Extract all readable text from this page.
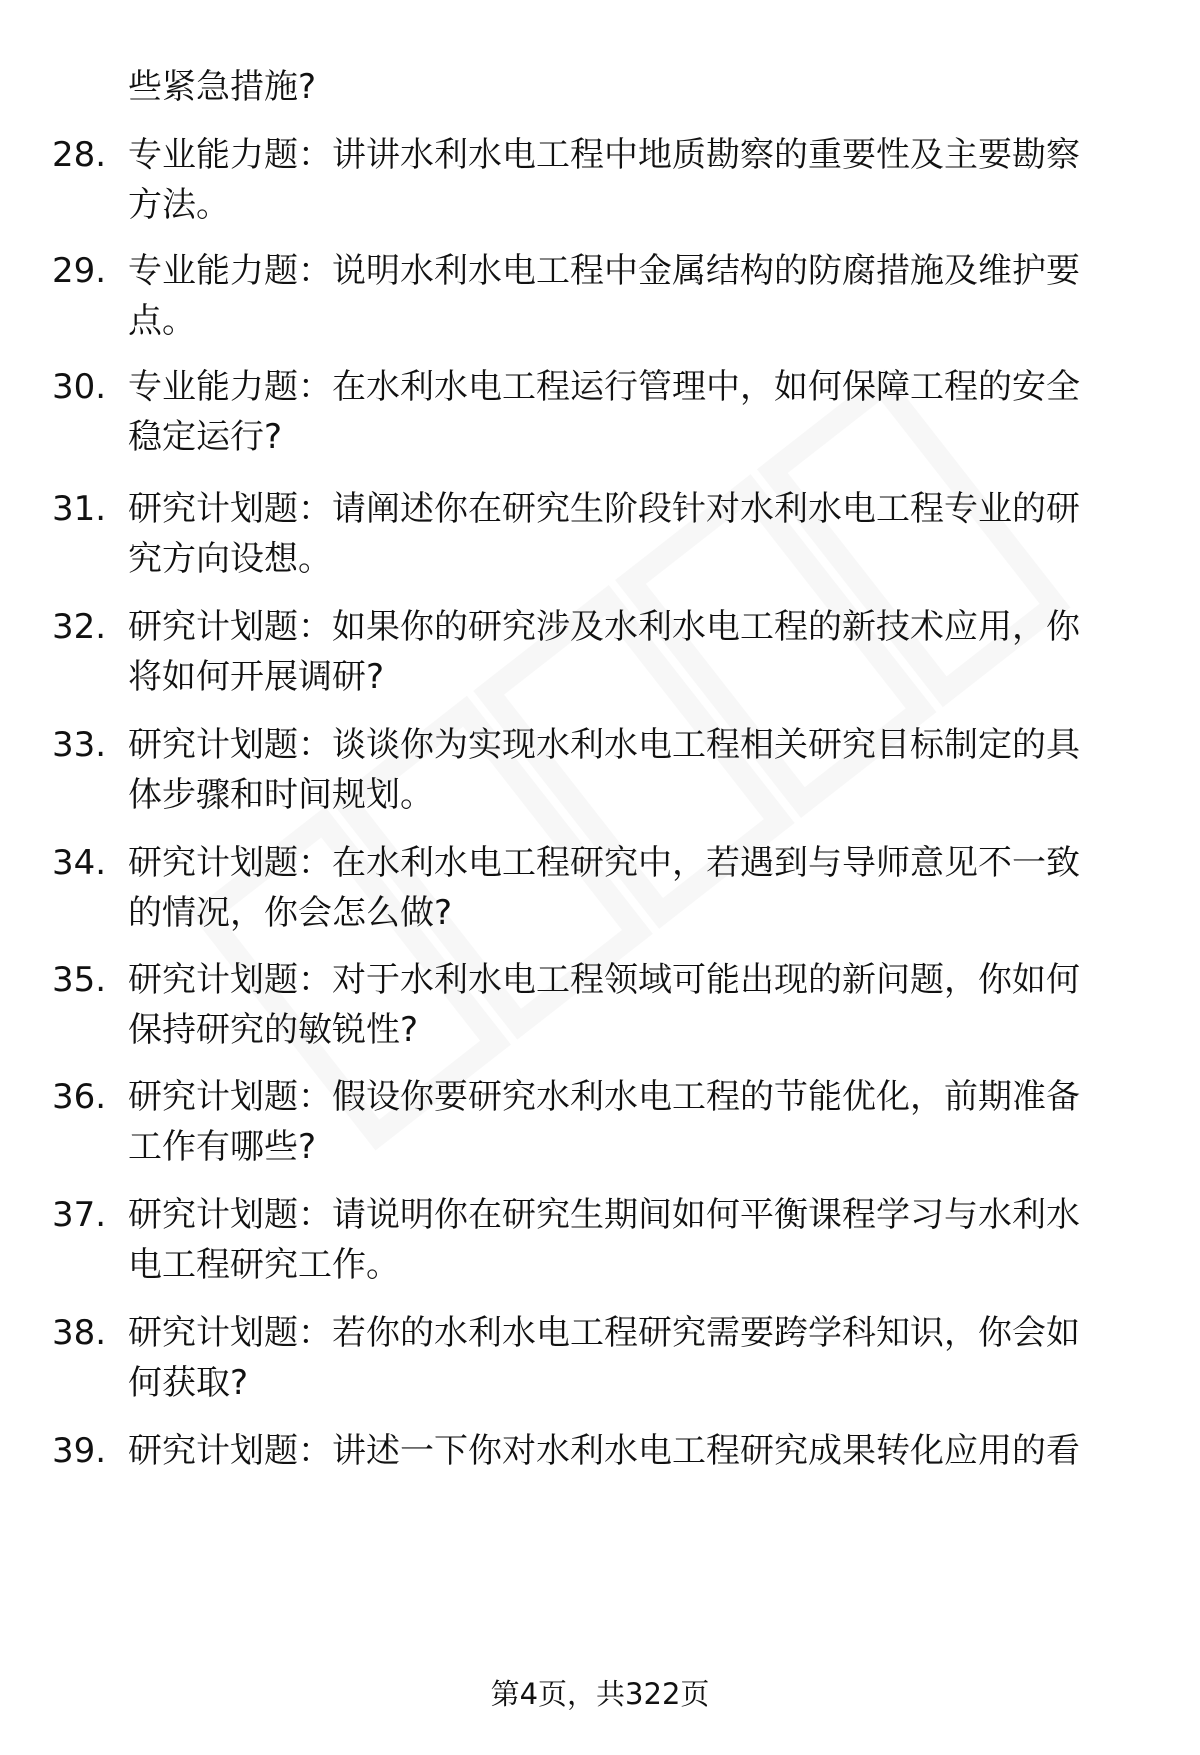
些紧急措施?
28. 专业能力题：讲讲水利水电工程中地质勘察的重要性及主要勘察
方法。
29. 专业能力题：说明水利水电工程中金属结构的防腐措施及维护要
点。
30. 专业能力题：在水利水电工程运行管理中，如何保障工程的安全
稳定运行?
31. 研究计划题：请阐述你在研究生阶段针对水利水电工程专业的研
究方向设想。
32. 研究计划题：如果你的研究涉及水利水电工程的新技术应用，你
将如何开展调研?
33. 研究计划题：谈谈你为实现水利水电工程相关研究目标制定的具
体步骤和时间规划。
34. 研究计划题：在水利水电工程研究中，若遇到与导师意见不一致
的情况，你会怎么做?
35. 研究计划题：对于水利水电工程领域可能出现的新问题，你如何
保持研究的敏锐性?
36. 研究计划题：假设你要研究水利水电工程的节能优化，前期准备
工作有哪些?
37. 研究计划题：请说明你在研究生期间如何平衡课程学习与水利水
电工程研究工作。
38. 研究计划题：若你的水利水电工程研究需要跨学科知识，你会如
何获取?
39. 研究计划题：讲述一下你对水利水电工程研究成果转化应用的看
第4页，共322页
